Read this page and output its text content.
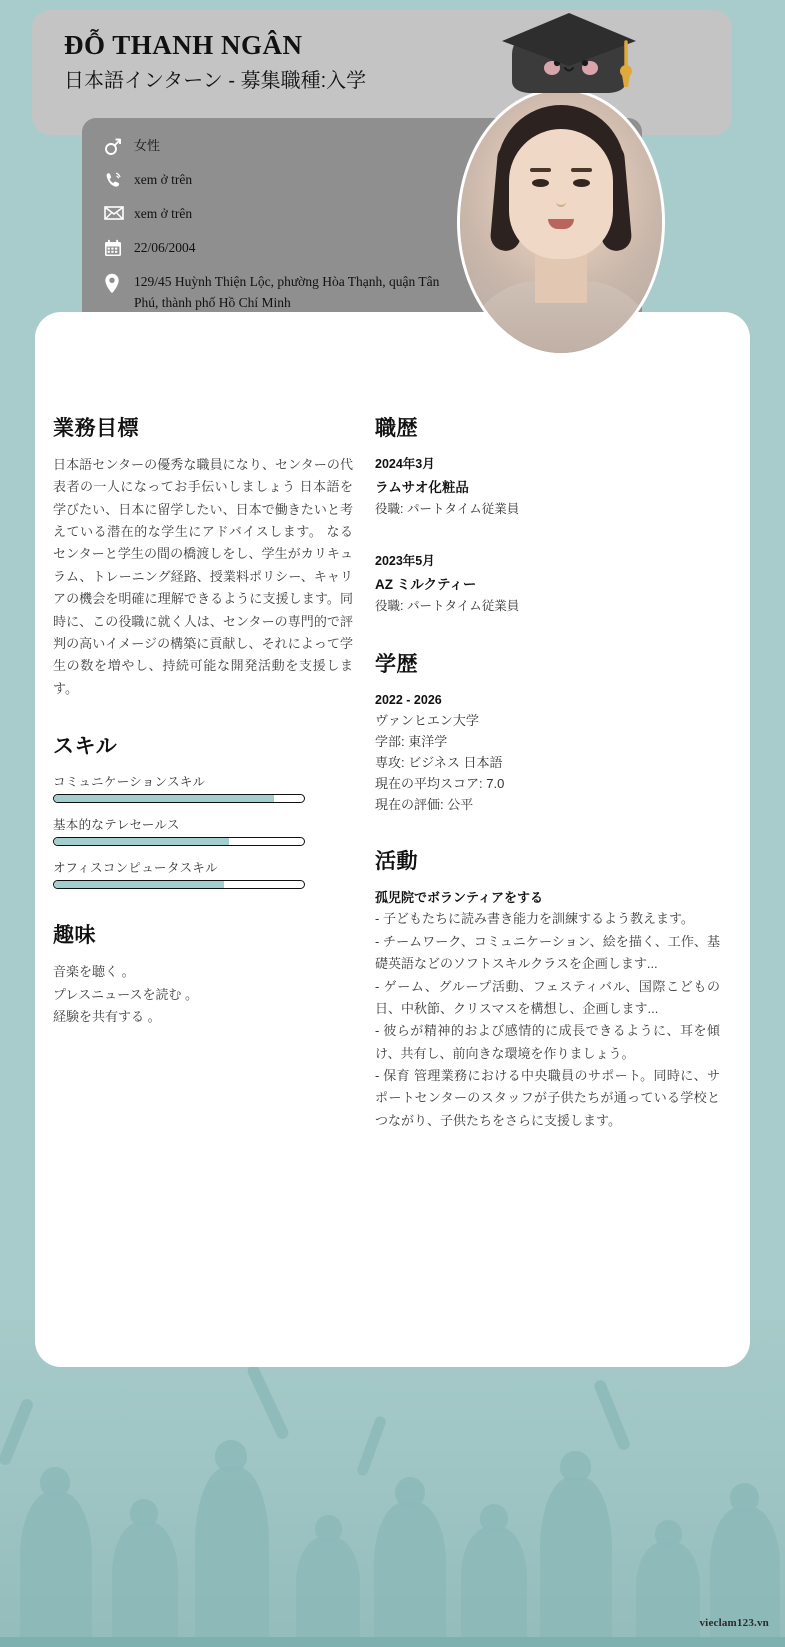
vieclam123.vn
ĐỖ THANH NGÂN
日本語インターン - 募集職種:入学
女性
xem ở trên
xem ở trên
22/06/2004
129/45 Huỳnh Thiện Lộc, phường Hòa Thạnh, quận Tân Phú, thành phố Hồ Chí Minh
業務目標

日本語センターの優秀な職員になり、センターの代表者の一人になってお手伝いしましょう 日本語を学びたい、日本に留学したい、日本で働きたいと考えている潜在的な学生にアドバイスします。 なる センターと学生の間の橋渡しをし、学生がカリキュラム、トレーニング経路、授業料ポリシー、キャリアの機会を明確に理解できるように支援します。同時に、この役職に就く人は、センターの専門的で評判の高いイメージの構築に貢献し、それによって学生の数を増やし、持続可能な開発活動を支援します。

スキル
コミュニケーションスキル
基本的なテレセールス
オフィスコンピュータスキル
趣味
音楽を聴く 。
プレスニュースを読む 。
経験を共有する 。
職歴
2024年3月
ラムサオ化粧品
役職: パートタイム従業員
2023年5月
AZ ミルクティー
役職: パートタイム従業員
学歴
2022 - 2026
ヴァンヒエン大学
学部: 東洋学
専攻: ビジネス 日本語
現在の平均スコア: 7.0
現在の評価: 公平
活動
孤児院でボランティアをする
- 子どもたちに読み書き能力を訓練するよう教えます。
- チームワーク、コミュニケーション、絵を描く、工作、基礎英語などのソフトスキルクラスを企画します...
- ゲーム、グループ活動、フェスティバル、国際こどもの日、中秋節、クリスマスを構想し、企画します...
- 彼らが精神的および感情的に成長できるように、耳を傾け、共有し、前向きな環境を作りましょう。
- 保育 管理業務における中央職員のサポート。同時に、サポートセンターのスタッフが子供たちが通っている学校とつながり、子供たちをさらに支援します。
